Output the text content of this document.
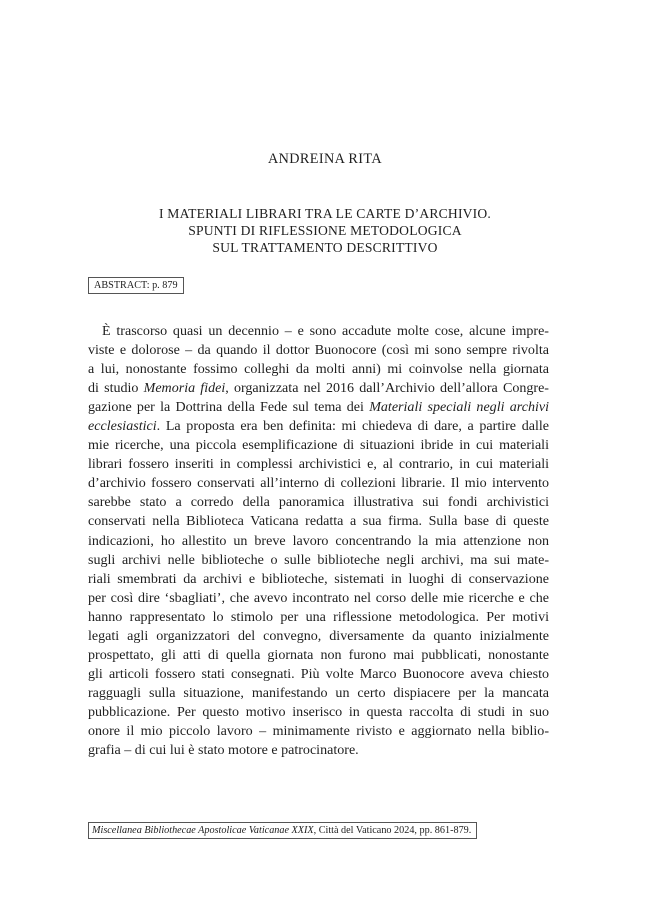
ANDREINA RITA
I MATERIALI LIBRARI TRA LE CARTE D’ARCHIVIO.
SPUNTI DI RIFLESSIONE METODOLOGICA
SUL TRATTAMENTO DESCRITTIVO
ABSTRACT: p. 879
È trascorso quasi un decennio – e sono accadute molte cose, alcune impre-
viste e dolorose – da quando il dottor Buonocore (così mi sono sempre rivolta
a lui, nonostante fossimo colleghi da molti anni) mi coinvolse nella giornata
di studio Memoria fidei, organizzata nel 2016 dall’Archivio dell’allora Congre-
gazione per la Dottrina della Fede sul tema dei Materiali speciali negli archivi
ecclesiastici. La proposta era ben definita: mi chiedeva di dare, a partire dalle
mie ricerche, una piccola esemplificazione di situazioni ibride in cui materiali
librari fossero inseriti in complessi archivistici e, al contrario, in cui materiali
d’archivio fossero conservati all’interno di collezioni librarie. Il mio intervento
sarebbe stato a corredo della panoramica illustrativa sui fondi archivistici
conservati nella Biblioteca Vaticana redatta a sua firma. Sulla base di queste
indicazioni, ho allestito un breve lavoro concentrando la mia attenzione non
sugli archivi nelle biblioteche o sulle biblioteche negli archivi, ma sui mate-
riali smembrati da archivi e biblioteche, sistemati in luoghi di conservazione
per così dire ‘sbagliati’, che avevo incontrato nel corso delle mie ricerche e che
hanno rappresentato lo stimolo per una riflessione metodologica. Per motivi
legati agli organizzatori del convegno, diversamente da quanto inizialmente
prospettato, gli atti di quella giornata non furono mai pubblicati, nonostante
gli articoli fossero stati consegnati. Più volte Marco Buonocore aveva chiesto
ragguagli sulla situazione, manifestando un certo dispiacere per la mancata
pubblicazione. Per questo motivo inserisco in questa raccolta di studi in suo
onore il mio piccolo lavoro – minimamente rivisto e aggiornato nella biblio-
grafia – di cui lui è stato motore e patrocinatore.
Miscellanea Bibliothecae Apostolicae Vaticanae XXIX, Città del Vaticano 2024, pp. 861-879.
